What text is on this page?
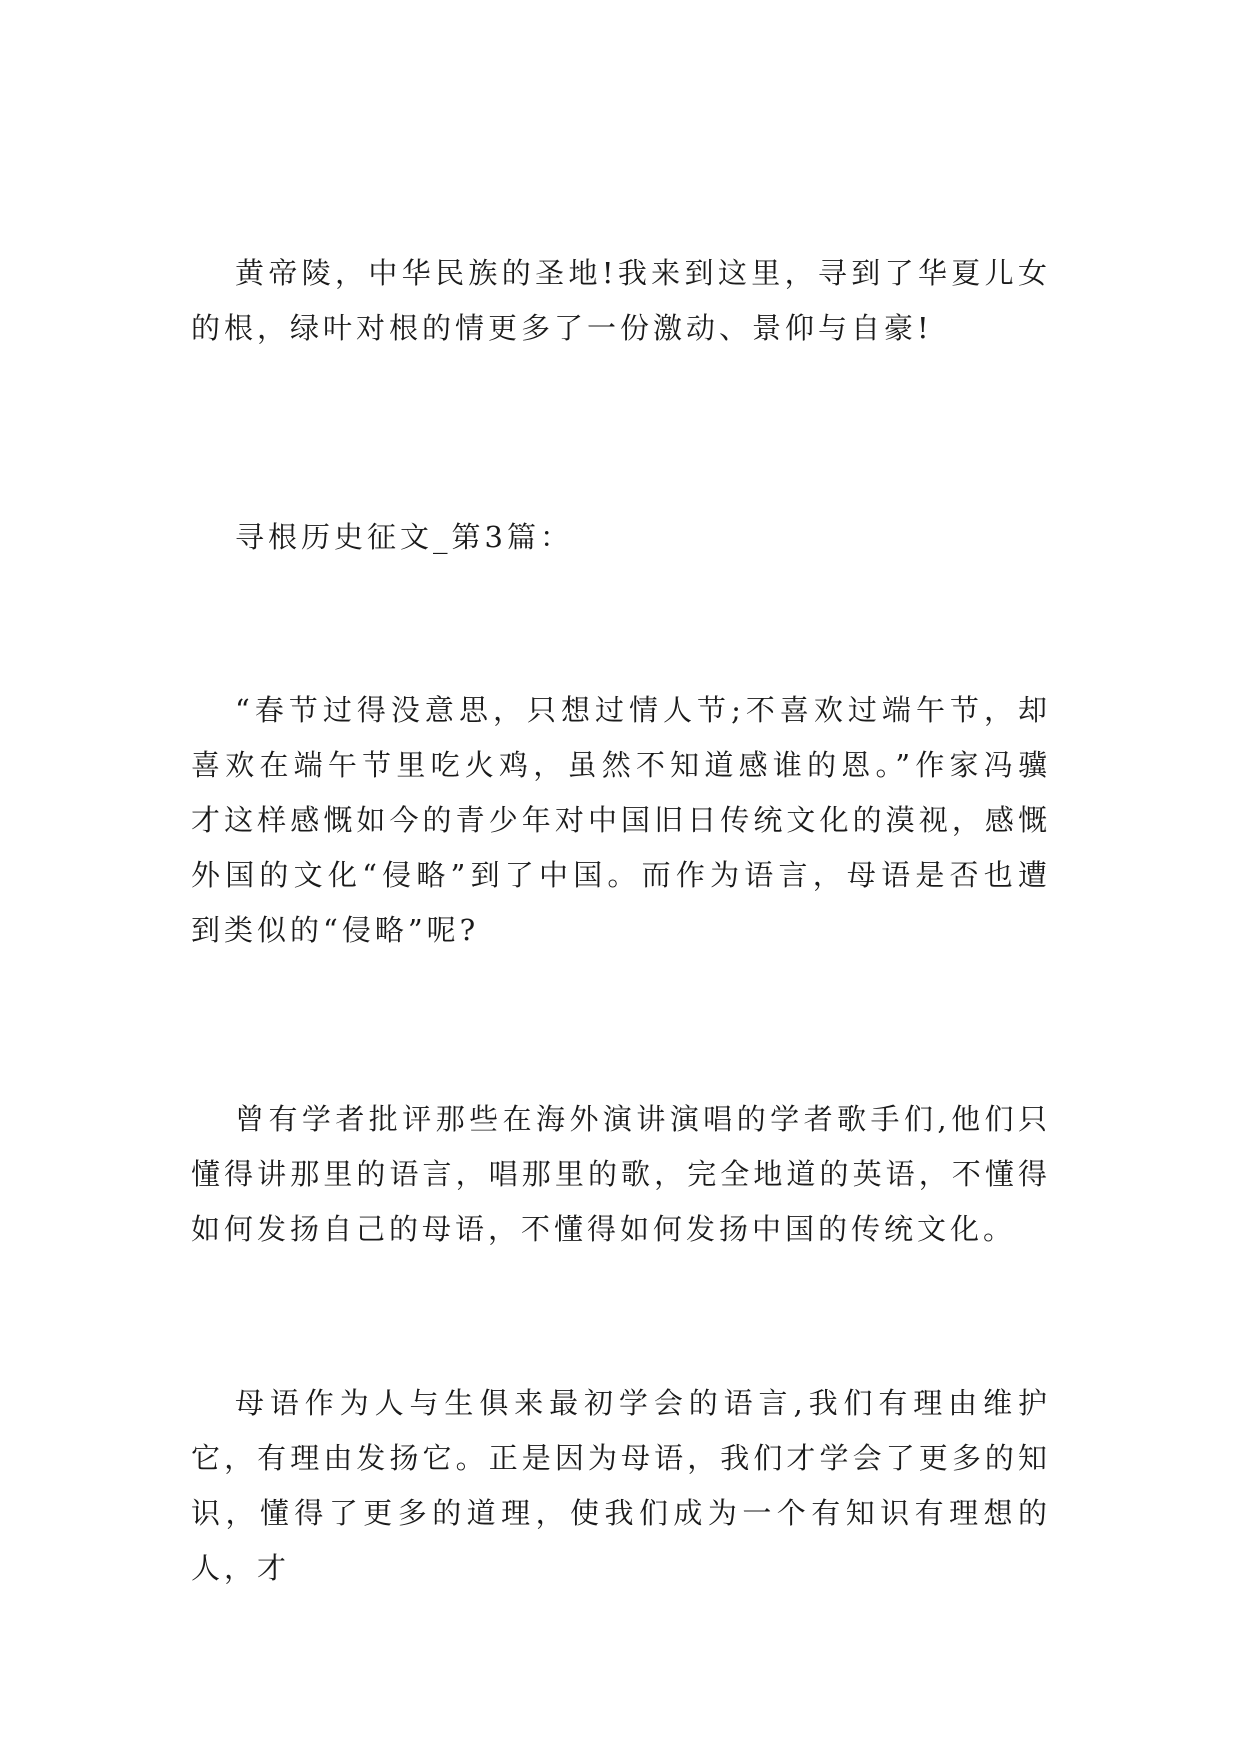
黄帝陵，中华民族的圣地!我来到这里，寻到了华夏儿女的根，绿叶对根的情更多了一份激动、景仰与自豪!

寻根历史征文_第3篇：

“春节过得没意思，只想过情人节;不喜欢过端午节，却喜欢在端午节里吃火鸡，虽然不知道感谁的恩。”作家冯骥才这样感慨如今的青少年对中国旧日传统文化的漠视，感慨外国的文化“侵略”到了中国。而作为语言，母语是否也遭到类似的“侵略”呢?

曾有学者批评那些在海外演讲演唱的学者歌手们,他们只懂得讲那里的语言，唱那里的歌，完全地道的英语，不懂得如何发扬自己的母语，不懂得如何发扬中国的传统文化。

母语作为人与生俱来最初学会的语言,我们有理由维护它，有理由发扬它。正是因为母语，我们才学会了更多的知识，懂得了更多的道理，使我们成为一个有知识有理想的人，才
